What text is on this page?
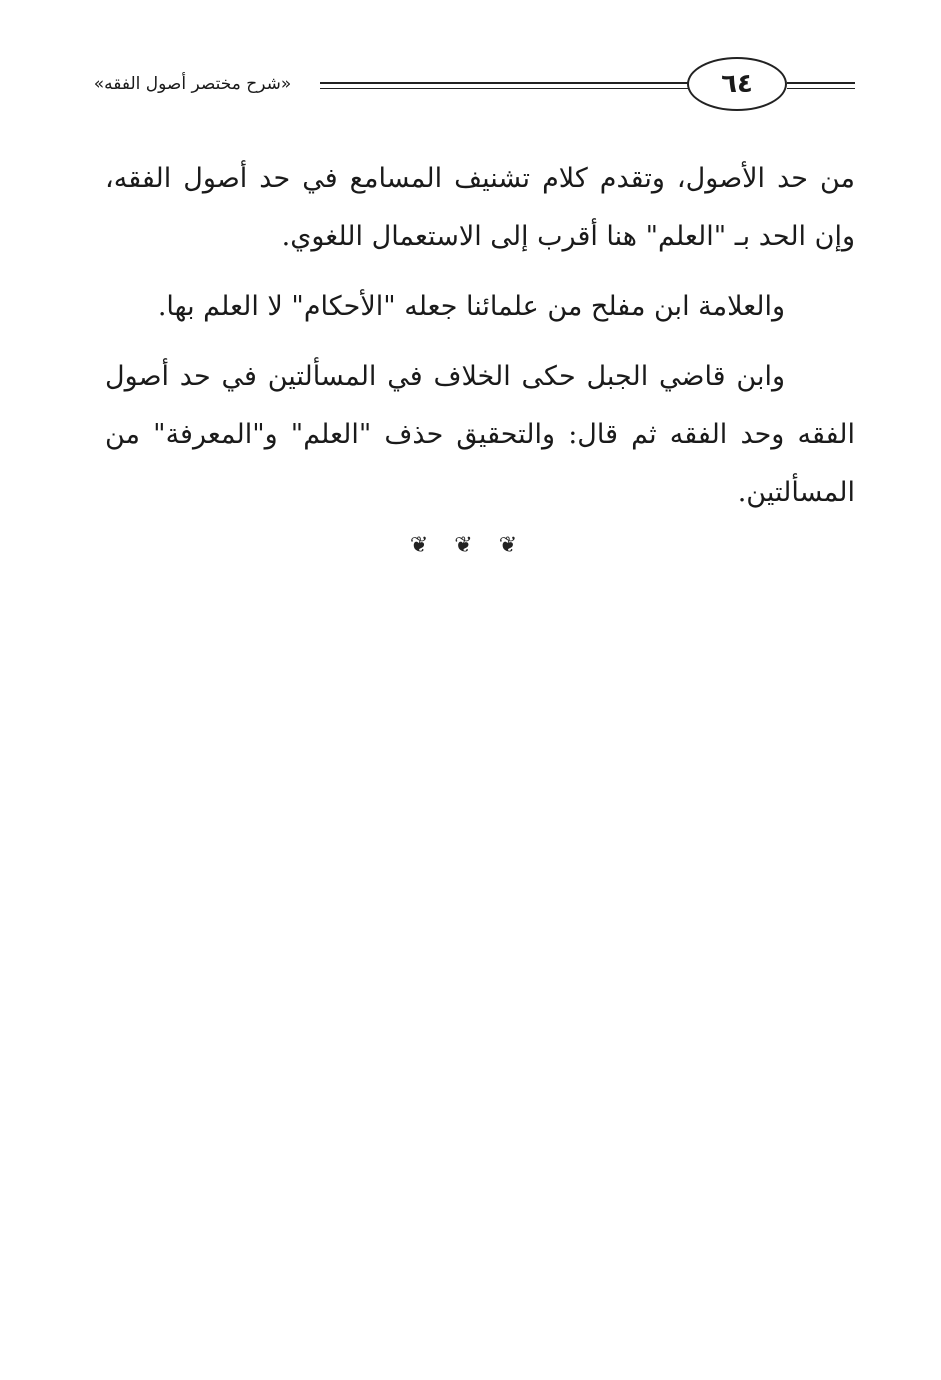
«شرح مختصر أصول الفقه»	٦٤

من حد الأصول، وتقدم كلام تشنيف المسامع في حد أصول الفقه، وإن الحد بـ "العلم" هنا أقرب إلى الاستعمال اللغوي.

والعلامة ابن مفلح من علمائنا جعله "الأحكام" لا العلم بها.

وابن قاضي الجبل حكى الخلاف في المسألتين في حد أصول الفقه وحد الفقه ثم قال: والتحقيق حذف "العلم" و"المعرفة" من المسألتين.

❦ ❦ ❦
